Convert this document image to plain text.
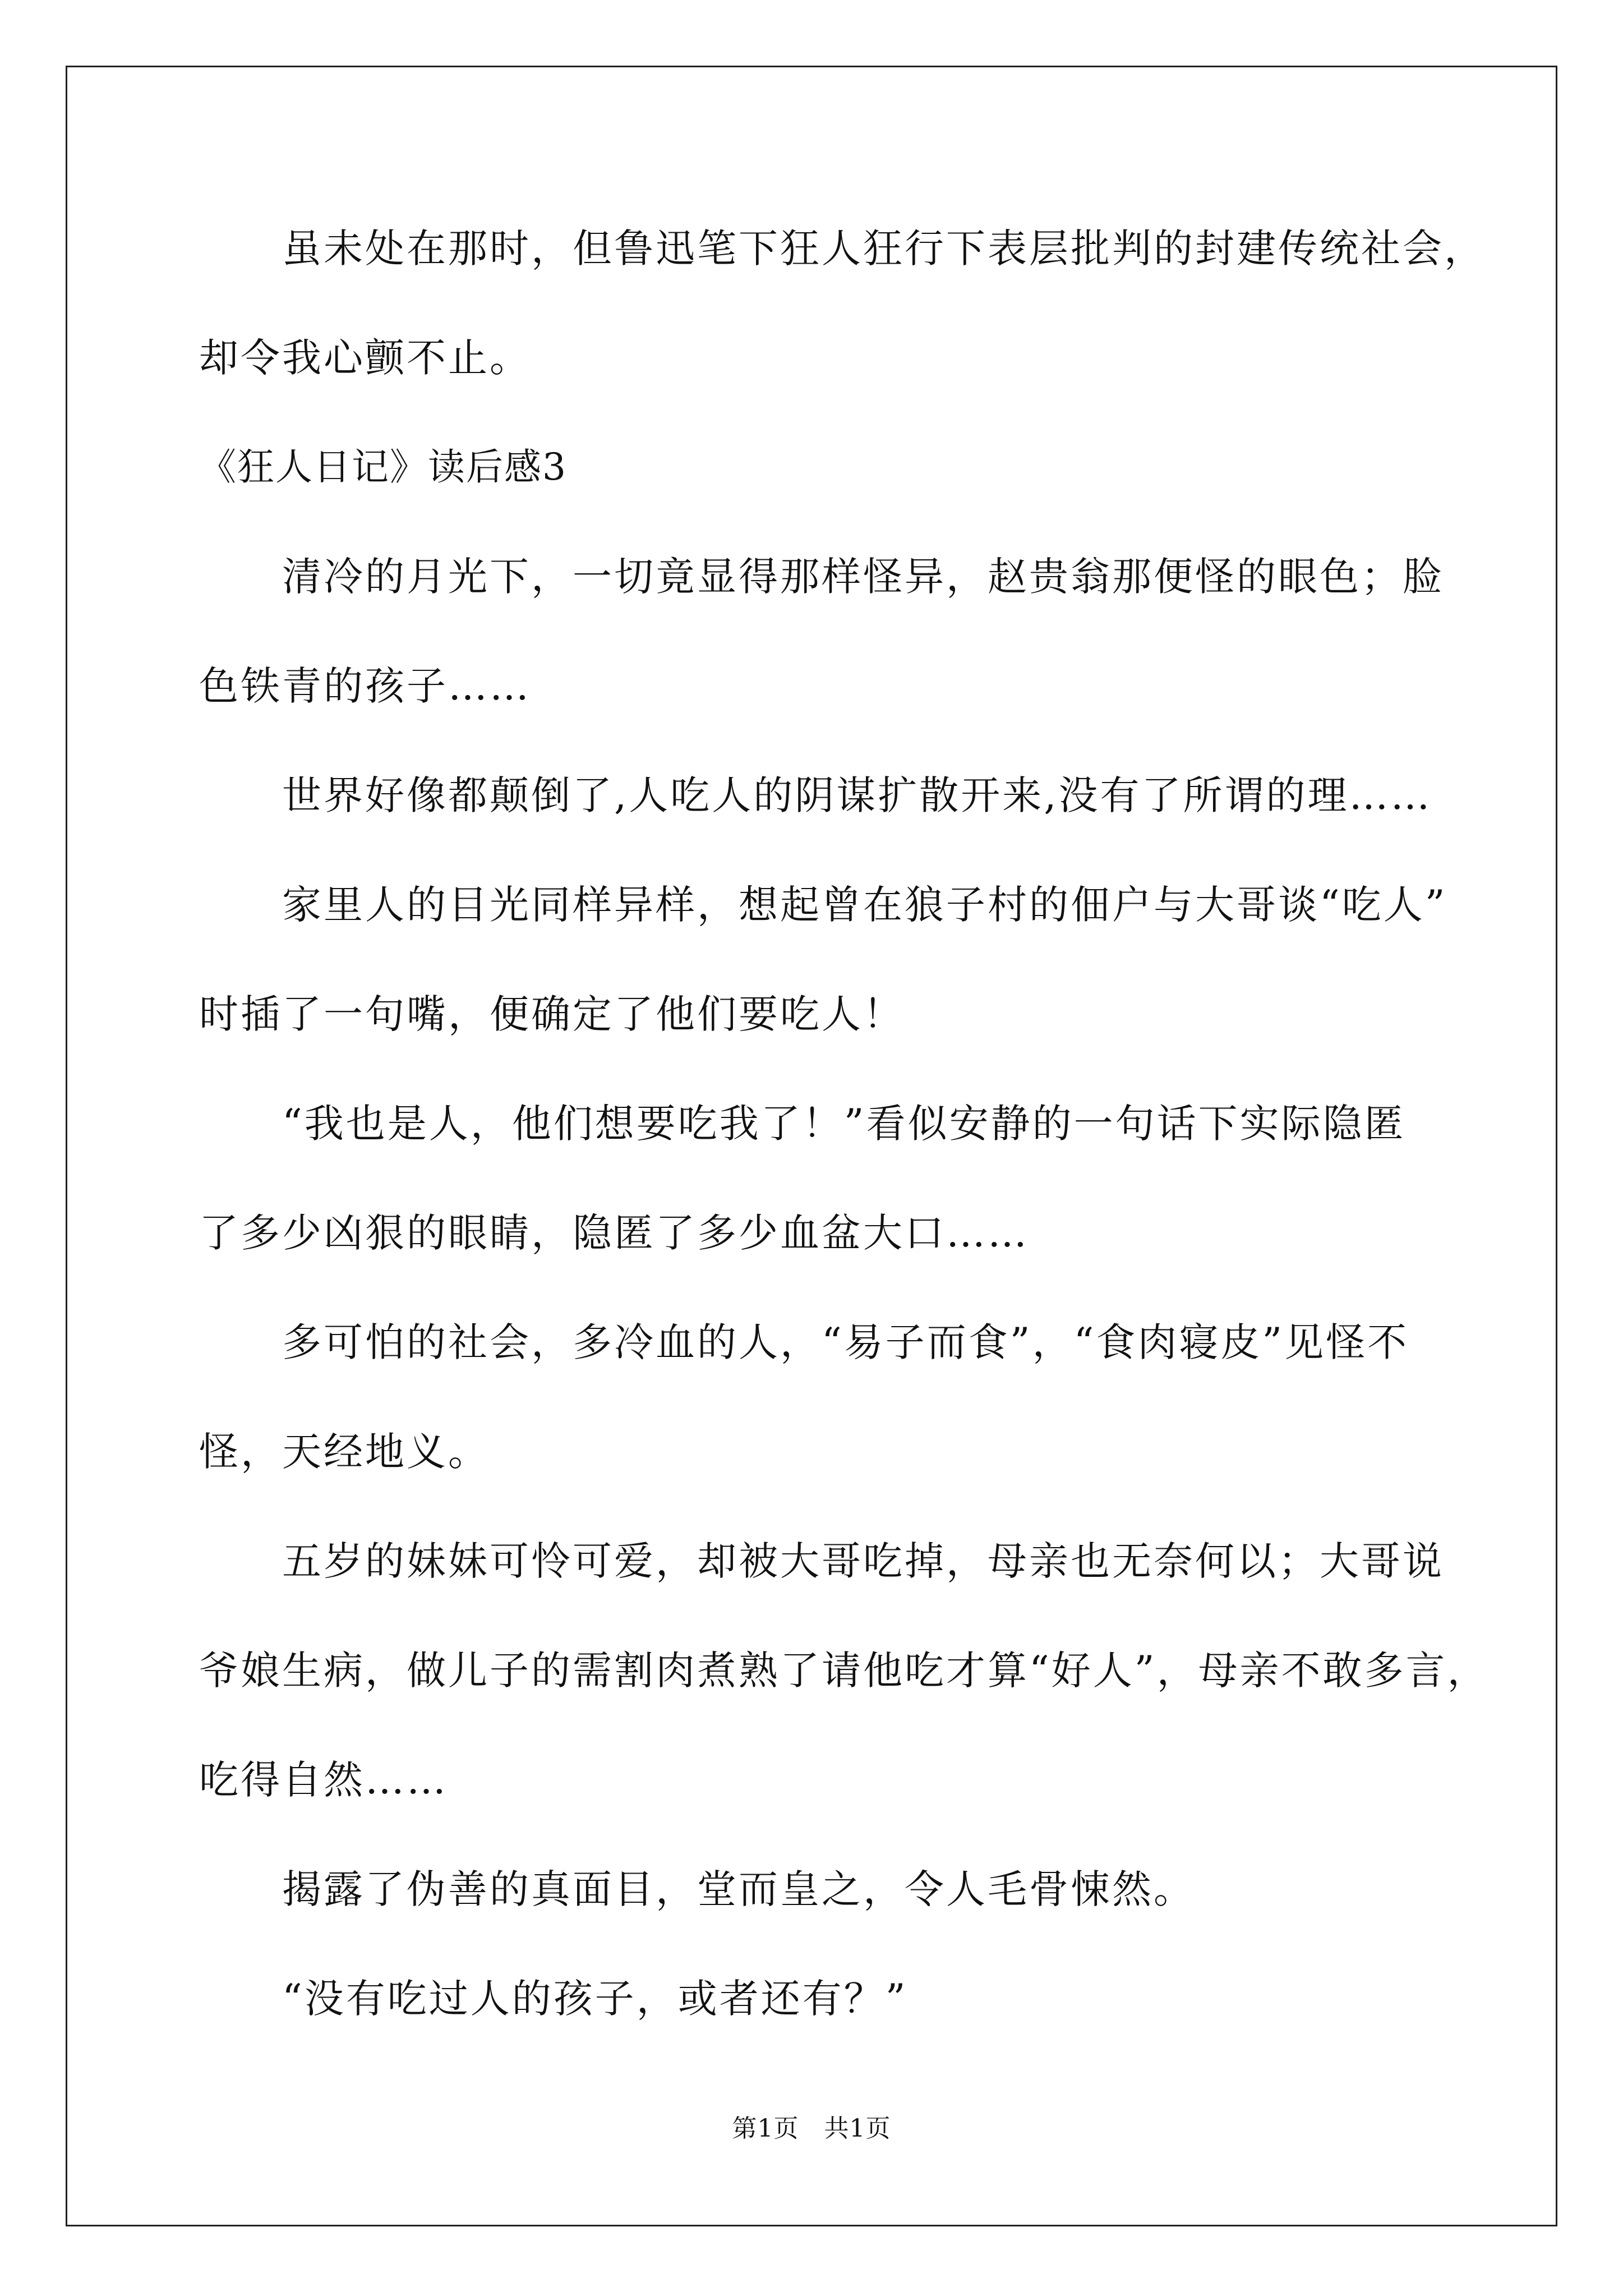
　　虽未处在那时，但鲁迅笔下狂人狂行下表层批判的封建传统社会，
却令我心颤不止。
《狂人日记》读后感3
　　清冷的月光下，一切竟显得那样怪异，赵贵翁那便怪的眼色；脸
色铁青的孩子……
　　世界好像都颠倒了,人吃人的阴谋扩散开来,没有了所谓的理……
　　家里人的目光同样异样，想起曾在狼子村的佃户与大哥谈“吃人”
时插了一句嘴，便确定了他们要吃人！
　　“我也是人，他们想要吃我了！”看似安静的一句话下实际隐匿
了多少凶狠的眼睛，隐匿了多少血盆大口……
　　多可怕的社会，多冷血的人，“易子而食”，“食肉寝皮”见怪不
怪，天经地义。
　　五岁的妹妹可怜可爱，却被大哥吃掉，母亲也无奈何以；大哥说
爷娘生病，做儿子的需割肉煮熟了请他吃才算“好人”，母亲不敢多言，
吃得自然……
　　揭露了伪善的真面目，堂而皇之，令人毛骨悚然。
　　“没有吃过人的孩子，或者还有？”
第1页　共1页
